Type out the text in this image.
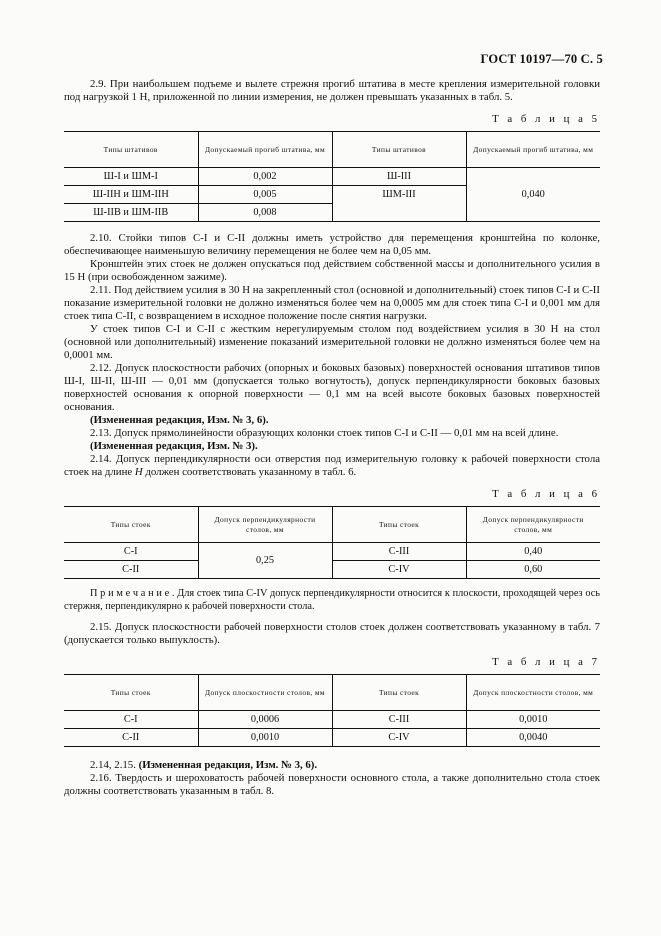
ГОСТ 10197—70 С. 5

2.9. При наибольшем подъеме и вылете стрежня прогиб штатива в месте крепления измерительной головки под нагрузкой 1 Н, приложенной по линии измерения, не должен превышать указанных в табл. 5.

Т а б л и ц а 5
Типы штативов	Допускаемый прогиб штатива, мм	Типы штативов	Допускаемый прогиб штатива, мм
Ш-I и ШМ-I	0,002	Ш-III	0,040
Ш-IIН и ШМ-IIН	0,005	ШМ-III	
Ш-IIВ и ШМ-IIВ	0,008		

2.10. Стойки типов С-I и С-II должны иметь устройство для перемещения кронштейна по колонке, обеспечивающее наименьшую величину перемещения не более чем на 0,05 мм.

Кронштейн этих стоек не должен опускаться под действием собственной массы и дополнительного усилия в 15 Н (при освобожденном зажиме).

2.11. Под действием усилия в 30 Н на закрепленный стол (основной и дополнительный) стоек типов С-I и С-II показание измерительной головки не должно изменяться более чем на 0,0005 мм для стоек типа С-I и 0,001 мм для стоек типа С-II, с возвращением в исходное положение после снятия нагрузки.

У стоек типов С-I и С-II с жестким нерегулируемым столом под воздействием усилия в 30 Н на стол (основной или дополнительный) изменение показаний измерительной головки не должно изменяться более чем на 0,0001 мм.

2.12. Допуск плоскостности рабочих (опорных и боковых базовых) поверхностей основания штативов типов Ш-I, Ш-II, Ш-III — 0,01 мм (допускается только вогнутость), допуск перпендикулярности боковых базовых поверхностей основания к опорной поверхности — 0,1 мм на всей высоте боковых базовых поверхностей основания.

(Измененная редакция, Изм. № 3, 6).

2.13. Допуск прямолинейности образующих колонки стоек типов С-I и С-II — 0,01 мм на всей длине.

(Измененная редакция, Изм. № 3).

2.14. Допуск перпендикулярности оси отверстия под измерительную головку к рабочей поверхности стола стоек на длине H должен соответствовать указанному в табл. 6.

Т а б л и ц а 6
Типы стоек	Допуск перпендикулярности столов, мм	Типы стоек	Допуск перпендикулярности столов, мм
С-I	0,25	С-III	0,40
С-II		С-IV	0,60
П р и м е ч а н и е . Для стоек типа С-IV допуск перпендикулярности относится к плоскости, проходящей через ось стержня, перпендикулярно к рабочей поверхности стола.

2.15. Допуск плоскостности рабочей поверхности столов стоек должен соответствовать указанному в табл. 7 (допускается только выпуклость).

Т а б л и ц а 7
Типы стоек	Допуск плоскостности столов, мм	Типы стоек	Допуск плоскостности столов, мм
С-I	0,0006	С-III	0,0010
С-II	0,0010	С-IV	0,0040

2.14, 2.15. (Измененная редакция, Изм. № 3, 6).

2.16. Твердость и шероховатость рабочей поверхности основного стола, а также дополнительно стола стоек должны соответствовать указанным в табл. 8.
